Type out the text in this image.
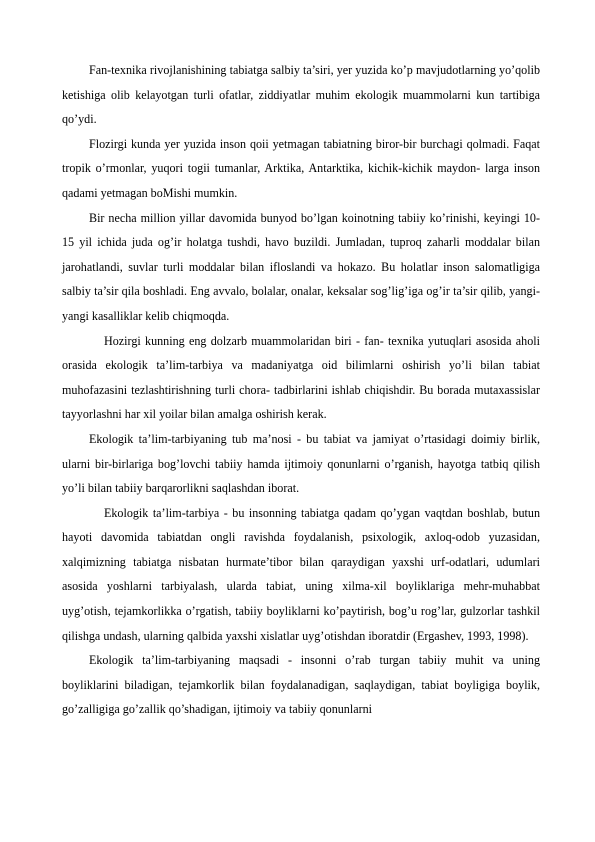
Fan-texnika rivojlanishining tabiatga salbiy ta’siri, yer yuzida ko’p mavjudotlarning yo’qolib ketishiga olib kelayotgan turli ofatlar, ziddiyatlar muhim ekologik muammolarni kun tartibiga qo’ydi.

Flozirgi kunda yer yuzida inson qoii yetmagan tabiatning biror-bir burchagi qolmadi. Faqat tropik o’rmonlar, yuqori togii tumanlar, Arktika, Antarktika, kichik-kichik maydon- larga inson qadami yetmagan boMishi mumkin.

Bir necha million yillar davomida bunyod bo’lgan koinotning tabiiy ko’rinishi, keyingi 10-15 yil ichida juda og’ir holatga tushdi, havo buzildi. Jumladan, tuproq zaharli moddalar bilan jarohatlandi, suvlar turli moddalar bilan ifloslandi va hokazo. Bu holatlar inson salomatligiga salbiy ta’sir qila boshladi. Eng avvalo, bolalar, onalar, keksalar sog’lig’iga og’ir ta’sir qilib, yangi-yangi kasalliklar kelib chiqmoqda.

Hozirgi kunning eng dolzarb muammolaridan biri - fan- texnika yutuqlari asosida aholi orasida ekologik ta’lim-tarbiya va madaniyatga oid bilimlarni oshirish yo’li bilan tabiat muhofazasini tezlashtirishning turli chora- tadbirlarini ishlab chiqishdir. Bu borada mutaxassislar tayyorlashni har xil yoilar bilan amalga oshirish kerak.

Ekologik ta’lim-tarbiyaning tub ma’nosi - bu tabiat va jamiyat o’rtasidagi doimiy birlik, ularni bir-birlariga bog’lovchi tabiiy hamda ijtimoiy qonunlarni o’rganish, hayotga tatbiq qilish yo’li bilan tabiiy barqarorlikni saqlashdan iborat.

Ekologik ta’lim-tarbiya - bu insonning tabiatga qadam qo’ygan vaqtdan boshlab, butun hayoti davomida tabiatdan ongli ravishda foydalanish, psixologik, axloq-odob yuzasidan, xalqimizning tabiatga nisbatan hurmate’tibor bilan qaraydigan yaxshi urf-odatlari, udumlari asosida yoshlarni tarbiyalash, ularda tabiat, uning xilma-xil boyliklariga mehr-muhabbat uyg’otish, tejamkorlikka o’rgatish, tabiiy boyliklarni ko’paytirish, bog’u rog’lar, gulzorlar tashkil qilishga undash, ularning qalbida yaxshi xislatlar uyg’otishdan iboratdir (Ergashev, 1993, 1998).

Ekologik ta’lim-tarbiyaning maqsadi - insonni o’rab turgan tabiiy muhit va uning boyliklarini biladigan, tejamkorlik bilan foydalanadigan, saqlaydigan, tabiat boyligiga boylik, go’zalligiga go’zallik qo’shadigan, ijtimoiy va tabiiy qonunlarni
